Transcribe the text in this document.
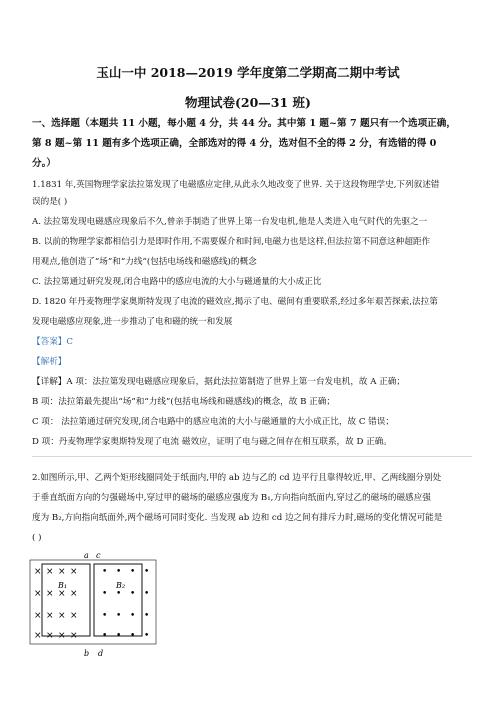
玉山一中 2018—2019 学年度第二学期高二期中考试
物理试卷(20—31 班)
一、选择题（本题共 11 小题，每小题 4 分，共 44 分。其中第 1 题~第 7 题只有一个选项正确，
第 8 题~第 11 题有多个选项正确，全部选对的得 4 分，选对但不全的得 2 分，有选错的得 0
分。）
1.1831 年,英国物理学家法拉第发现了电磁感应定律,从此永久地改变了世界. 关于这段物理学史,下列叙述错
误的是( )
A. 法拉第发现电磁感应现象后不久,曾亲手制造了世界上第一台发电机,他是人类进入电气时代的先驱之一
B. 以前的物理学家都相信引力是即时作用,不需要媒介和时间,电磁力也是这样,但法拉第不同意这种超距作
用观点,他创造了“场”和“力线”(包括电场线和磁感线)的概念
C. 法拉第通过研究发现,闭合电路中的感应电流的大小与磁通量的大小成正比
D. 1820 年丹麦物理学家奥斯特发现了电流的磁效应,揭示了电、磁间有重要联系,经过多年艰苦探索,法拉第
发现电磁感应现象,进一步推动了电和磁的统一和发展
【答案】C
【解析】
【详解】A 项：法拉第发现电磁感应现象后，据此法拉第制造了世界上第一台发电机，故 A 正确；
B 项：法拉第最先提出“场”和“力线”(包括电场线和磁感线)的概念，故 B 正确；
C 项： 法拉第通过研究发现,闭合电路中的感应电流的大小与磁通量的大小成正比，故 C 错误；
D 项：丹麦物理学家奥斯特发现了电流 磁效应，证明了电与磁之间存在相互联系，故 D 正确。
2.如图所示,甲、乙两个矩形线圈同处于纸面内,甲的 ab 边与乙的 cd 边平行且靠得较近,甲、乙两线圈分别处
于垂直纸面方向的匀强磁场中,穿过甲的磁场的磁感应强度为 B₁,方向指向纸面内,穿过乙的磁场的磁感应强
度为 B₂,方向指向纸面外,两个磁场可同时变化. 当发现 ab 边和 cd 边之间有排斥力时,磁场的变化情况可能是
( )
× × × ×
× × × ×
× × × ×
× × × ×
• • • •
• • • •
• • • •
• • • •
a
b
c
d
B₁	B₂
